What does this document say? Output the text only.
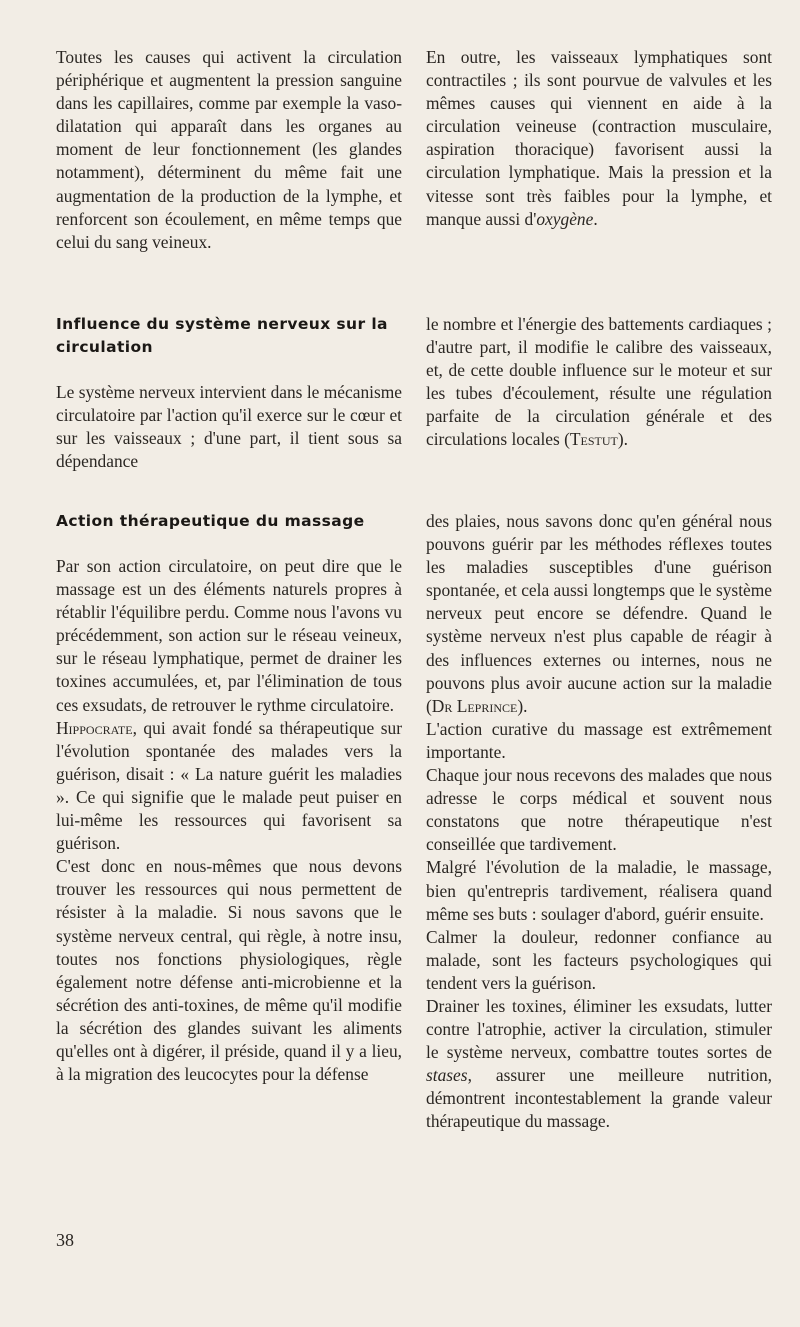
Toutes les causes qui activent la circulation périphérique et augmentent la pression sanguine dans les capillaires, comme par exemple la vaso-dilatation qui apparaît dans les organes au moment de leur fonctionnement (les glandes notamment), déterminent du même fait une augmentation de la production de la lymphe, et renforcent son écoulement, en même temps que celui du sang veineux.

En outre, les vaisseaux lymphatiques sont contractiles ; ils sont pourvue de valvules et les mêmes causes qui viennent en aide à la circulation veineuse (contraction musculaire, aspiration thoracique) favorisent aussi la circulation lymphatique. Mais la pression et la vitesse sont très faibles pour la lymphe, et manque aussi d'oxygène.

Influence du système nerveux sur la circulation

Le système nerveux intervient dans le mécanisme circulatoire par l'action qu'il exerce sur le cœur et sur les vaisseaux ; d'une part, il tient sous sa dépendance

le nombre et l'énergie des battements cardiaques ; d'autre part, il modifie le calibre des vaisseaux, et, de cette double influence sur le moteur et sur les tubes d'écoulement, résulte une régulation parfaite de la circulation générale et des circulations locales (Testut).

Action thérapeutique du massage

Par son action circulatoire, on peut dire que le massage est un des éléments naturels propres à rétablir l'équilibre perdu. Comme nous l'avons vu précédemment, son action sur le réseau veineux, sur le réseau lymphatique, permet de drainer les toxines accumulées, et, par l'élimination de tous ces exsudats, de retrouver le rythme circulatoire.

Hippocrate, qui avait fondé sa thérapeutique sur l'évolution spontanée des malades vers la guérison, disait : « La nature guérit les maladies ». Ce qui signifie que le malade peut puiser en lui-même les ressources qui favorisent sa guérison.

C'est donc en nous-mêmes que nous devons trouver les ressources qui nous permettent de résister à la maladie. Si nous savons que le système nerveux central, qui règle, à notre insu, toutes nos fonctions physiologiques, règle également notre défense anti-microbienne et la sécrétion des anti-toxines, de même qu'il modifie la sécrétion des glandes suivant les aliments qu'elles ont à digérer, il préside, quand il y a lieu, à la migration des leucocytes pour la défense

des plaies, nous savons donc qu'en général nous pouvons guérir par les méthodes réflexes toutes les maladies susceptibles d'une guérison spontanée, et cela aussi longtemps que le système nerveux peut encore se défendre. Quand le système nerveux n'est plus capable de réagir à des influences externes ou internes, nous ne pouvons plus avoir aucune action sur la maladie (Dr Leprince).

L'action curative du massage est extrêmement importante.

Chaque jour nous recevons des malades que nous adresse le corps médical et souvent nous constatons que notre thérapeutique n'est conseillée que tardivement.

Malgré l'évolution de la maladie, le massage, bien qu'entrepris tardivement, réalisera quand même ses buts : soulager d'abord, guérir ensuite.

Calmer la douleur, redonner confiance au malade, sont les facteurs psychologiques qui tendent vers la guérison.

Drainer les toxines, éliminer les exsudats, lutter contre l'atrophie, activer la circulation, stimuler le système nerveux, combattre toutes sortes de stases, assurer une meilleure nutrition, démontrent incontestablement la grande valeur thérapeutique du massage.

38
